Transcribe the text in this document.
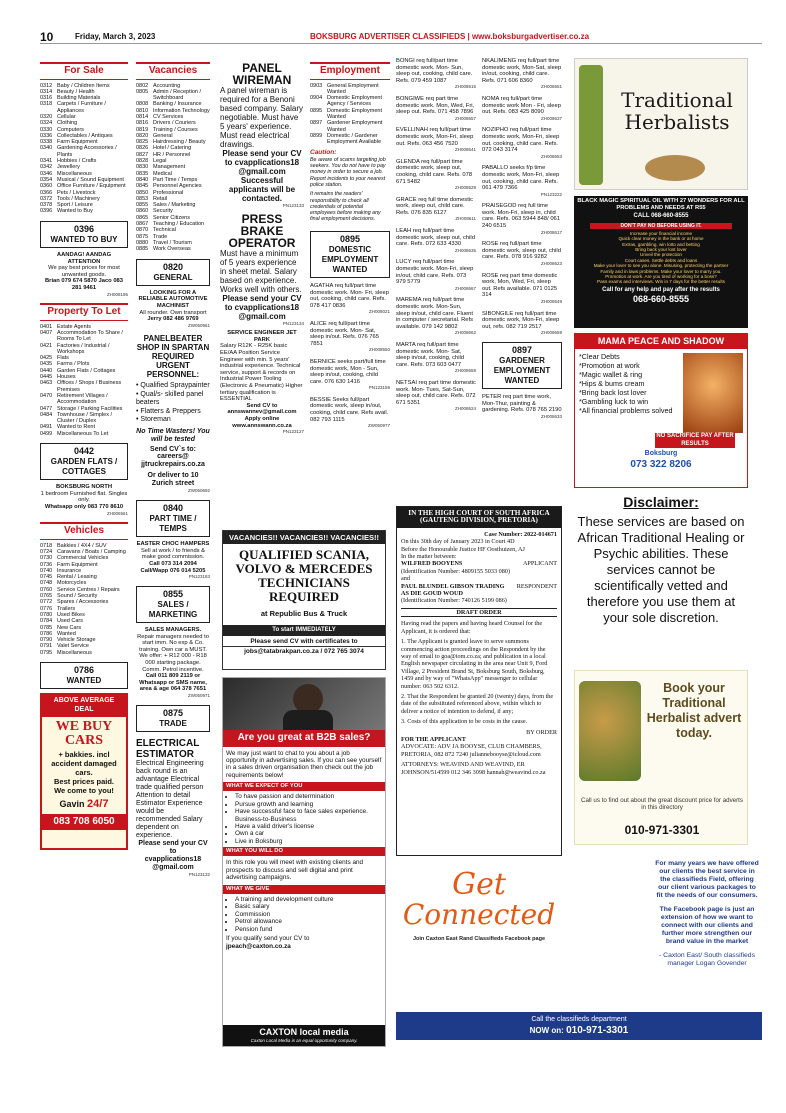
10	Friday, March 3, 2023	BOKSBURG ADVERTISER CLASSIFIEDS | www.boksburgadvertiser.co.za
For Sale
0312 Baby / Children Items
0314 Beauty / Health
0316 Building Materials
0318 Carpets / Furniture / Appliances
0320 Cellular
0324 Clothing
0330 Computers
0336 Collectables / Antiques
0338 Farm Equipment
0340 Gardening Accessories / Plants
0341 Hobbies / Crafts
0342 Jewellery
0346 Miscellaneous
0354 Musical / Sound Equipment
0360 Office Furniture / Equipment
0366 Pets / Livestock
0372 Tools / Machinery
0378 Sport / Leisure
0396 Wanted to Buy
0396
WANTED TO BUY
AANDAG! AANDAG ATTENTION
We pay best prices for most unwanted goods.
Brian 079 674 5870 Jaco 083 281 9461
ZH008186
Property To Let
0401 Estate Agents
0407 Accommodation To Share / Rooms To Let
0421 Factories / Industrial / Workshops
0425 Flats
0435 Farms / Plots
0440 Garden Flats / Cottages
0445 Houses
0463 Offices / Shops / Business Premises
0470 Retirement Villages / Accommodation
0477 Storage / Parking Facilities
0484 Townhouse / Simplex / Cluster / Duplex
0491 Wanted to Rent
0499 Miscellaneous To Let
0442
GARDEN FLATS / COTTAGES
BOKSBURG NORTH
1 bedroom Furnished flat. Singles only.
Whatsapp only 083 770 8610
ZH006561
Vehicles
0718 Bakkies / 4X4 / SUV
0724 Caravans / Boats / Camping
0730 Commercial Vehicles
0736 Farm Equipment
0740 Insurance
0745 Rental / Leasing
0748 Motorcycles
0760 Service Centres / Repairs
0765 Sound / Security
0772 Spares / Accessories
0776 Trailers
0780 Used Bikes
0784 Used Cars
0785 New Cars
0786 Wanted
0790 Vehicle Storage
0791 Valet Service
0795 Miscellaneous
0786
WANTED
ABOVE AVERAGE DEAL
WE BUY CARS
+ bakkies. incl
accident damaged cars.
Best prices paid.
We come to you!
Gavin 24/7
083 708 6050
Vacancies
0802 Accounting
0805 Admin / Reception / Switchboard
0808 Banking / Insurance
0810 Information Technology
0814 CV Services
0816 Drivers / Couriers
0819 Training / Courses
0820 General
0825 Hairdressing / Beauty
0826 Hotel / Catering
0827 HR / Personnel
0828 Legal
0830 Management
0835 Medical
0840 Part Time / Temps
0845 Personnel Agencies
0850 Professional
0853 Retail
0855 Sales / Marketing
0860 Security
0865 Senior Citizens
0867 Teaching / Education
0870 Technical
0875 Trade
0880 Travel / Tourism
0885 Work Overseas
0820
GENERAL
LOOKING FOR A RELIABLE AUTOMOTIVE MACHINIST
All rounder. Own transport
Jerry 082 486 9769
ZW050961
PANELBEATER SHOP IN SPARTAN REQUIRED URGENT PERSONNEL:
• Qualified Spraypainter
• Qual/s- skilled panel beaters
• Flatters & Preppers
• Storeman
No Time Wasters! You will be tested
Send CV`s to:
careers@ jjtruckrepairs.co.za
Or deliver to 10 Zurich street
ZW050692
0840
PART TIME / TEMPS
EASTER CHOC HAMPERS
Sell at work / to friends & make good commission.
Call 073 314 2094
Call/Wapp 076 014 5205
PN123183
0855
SALES / MARKETING
SALES MANAGERS.
Repair managers needed to start imm. No exp & Co. training. Own car a MUST.
We offer: + R12 000 - R18 000 starting package. Comm. Petrol incentive.
Call 011 809 2119 or Whatsapp or SMS name, area & age 064 378 7651
ZW050971
0875
TRADE
ELECTRICAL ESTIMATOR
Electrical Engineering back round is an advantage Electrical trade qualified person Attention to detail Estimator Experience would be recommended Salary dependent on experience.
Please send your CV to
cvapplications18 @gmail.com
PN123132
PANEL WIREMAN
A panel wireman is required for a Benoni based company. Salary negotiable. Must have 5 years' experience. Must read electrical drawings.
Please send your CV to cvapplications18 @gmail.com
Successful applicants will be contacted.
PN123133
PRESS BRAKE OPERATOR
Must have a minimum of 5 years experience in sheet metal. Salary based on experience. Works well with others.
Please send your CV to cvapplications18 @gmail.com
PN123134
SERVICE ENGINEER JET PARK
Salary R12K - R25K basic EE/AA Position Service Engineer with min. 5 years' industrial experience. Technical service, support & records on Industrial Power Tooling (Electronic & Pneumatic) Higher tertiary qualification is ESSENTIAL
Send CV to
annswannev@gmail.com
Apply online www.annswann.co.za
PN123127
Employment
0903 General Employment Wanted
0904 Domestic Employment Agency / Services
0895 Domestic Employment Wanted
0897 Gardener Employment Wanted
0899 Domestic / Gardener Employment Available
Caution:
Be aware of scams targeting job seekers. You do not have to pay money in order to secure a job. Report incidents to your nearest police station.
It remains the readers' responsibility to check all credentials of potential employees before making any final employment decisions.
0895
DOMESTIC EMPLOYMENT WANTED
AGATHA req full/part time domestic work. Mon- Fri, sleep out, cooking, child care. Refs. 078 417 0836
ZH008021
ALICE req full/part time domestic work. Mon- Sat, sleep in/out. Refs. 076 765 7851
ZH008550
BERNICE seeks part/full time domestic work, Mon - Sun, sleep in/out, cooking, child care. 076 630 1416
PN123159
BESSIE Seeks full/part domestic work, sleep in/out, cooking, child care. Refs avail. 082 793 1115
ZW050977
BONGI req full/part time domestic work. Mon- Sun, sleep out, cooking, child care. Refs. 079 459 1087
ZH008615
BONGIWE req part time domestic work. Mon, Wed, Fri, sleep out. Refs. 071 458 7896
ZH008657
EVELLINAH req full/part time domestic work, Mon-Fri, sleep out. Refs. 063 456 7520
ZH008641
GLENDA req full/part time domestic work, sleep out, cooking, child care. Refs. 078 671 5482
ZH008629
GRACE req full time domestic work, sleep out, child care. Refs. 076 835 6127
ZH008611
LEAH req full/part time domestic work, sleep out, child care. Refs. 072 633 4330
ZH008635
LUCY req full/part time domestic work. Mon-Fri, sleep in/out, child care. Refs. 073 979 5779
ZH008667
MAREMA req full/part time domestic work. Mon-Sun, sleep in/out, child care. Fluent in computer / secretarial. Refs available. 079 142 9802
ZH008662
MARTA req full/part time domestic work. Mon- Sat, sleep in/out, cooking, child care. Refs. 073 603 0477
ZH008659
NETSAI req part time domestic work. Mon- Tues, Sat-Sun, sleep out, child care. Refs. 072 671 5351
ZH008624
NKALIMENG req full/part time domestic work, Mon-Sat, sleep in/out, cooking, child care. Refs. 071 606 8360
ZH008651
NOMA req full/part time domestic work Mon - Fri, sleep out. Refs. 083 425 8090
ZH008637
NOZIPHO req full/part time domestic work, Mon-Fri, sleep out, cooking, child care. Refs. 072 043 3174
ZH008653
PABALLO seeks f/p time domestic work, Mon-Fri, sleep out, cooking, child care. Refs. 061 479 7366
PN123222
PRAISEGOD req full time work. Mon-Fri, sleep in, child care. Refs. 063 5944 848/ 061 240 6515
ZH008617
ROSE req full/part time domestic work, sleep out, child care. Refs. 078 916 9282
ZH008623
ROSE req part time domestic work, Mon, Wed, Fri, sleep out. Refs available. 071 0125 314
ZH008649
SIBONGILE req full/part time domestic work, Mon-Fri, sleep out, refs. 082 719 2517
ZH008659
0897
GARDENER EMPLOYMENT WANTED
PETER req part time work, Mon-Thur, painting & gardening. Refs. 078 765 2190
ZH008633
VACANCIES!! VACANCIES!! VACANCIES!!
QUALIFIED SCANIA, VOLVO & MERCEDES TECHNICIANS REQUIRED
at Republic Bus & Truck
To start IMMEDIATELY
Please send CV with certificates to
jobs@tatabrakpan.co.za / 072 765 3074
Are you great at B2B sales?
We may just want to chat to you about a job opportunity in advertising sales. If you can see yourself in a sales driven organisation then check out the job requirements below!
WHAT WE EXPECT OF YOU
• To have passion and determination
• Pursue growth and learning
• Have successful face to face sales experience. Business-to-Business
• Have a valid driver's license
• Own a car
• Live in Boksburg
WHAT YOU WILL DO
In this role you will meet with existing clients and prospects to discuss and sell digital and print advertising campaigns.
WHAT WE GIVE
• A training and development culture
• Basic salary
• Commission
• Petrol allowance
• Pension fund
If you qualify send your CV to
jpeach@caxton.co.za
CAXTON local media
Caxton Local Media is an equal opportunity company.
IN THE HIGH COURT OF SOUTH AFRICA (GAUTENG DIVISION, PRETORIA)
Case Number: 2022-014671
On this 30th day of January 2023 in Court 4D
Before the Honourable Justice HF Oosthuizen, AJ
In the matter between:
WILFRED BOOYENS	APPLICANT
(Identification Number: 4809155 5033 080)
and
PAUL BLUNDEL GIBSON TRADING AS DIE GOUD WOUD
RESPONDENT
(Identification Number: 740126 5199 086)
DRAFT ORDER
Having read the papers and having heard Counsel for the Applicant, it is ordered that:
1. The Applicant is granted leave to serve summons commencing action proceedings on the Respondent by the way of email to goa@iom.co.za; and publication in a local English newspaper circulating in the area near Unit 9, Ford Village, 2 President Brand St, Boksburg South, Boksburg, 1459 and by way of "WhatsApp" messenger to cellular number: 063 502 6312.
2. That the Respondent be granted 20 (twenty) days, from the date of the substituted referenced above, within which to deliver a notice of intention to defend, if any;
3. Costs of this application to be costs in the cause.
BY ORDER
FOR THE APPLICANT
ADVOCATE: ADV JA BOOYSE, CLUB CHAMBERS, PRETORIA, 082 872 7240 juliannebooyse@icloud.com
ATTORNEYS: WEAVIND AND WEAVIND, ER JOHNSON/514599 012 346 3098 hannah@weavind.co.za
Get
Connected
Join Caxton East Rand Classifieds Facebook page
Traditional Herbalists
BLACK MAGIC SPIRITUAL OIL WITH 27 WONDERS FOR ALL PROBLEMS AND NEEDS AT R55
CALL 068-660-8555
DON'T PAY NO BEFORE USING IT.
Increase your financial income
Quick clear money in the bank or at home
Extras, gambling, win lotto and betting
Bring back your lost lover
Unveil the protection
Court cases. Settle debts and loans
Make your lover to see you alone. Misusing, protecting the partner
Family and in laws problems. Make your lover to marry you.
Promotion at work. Are you tired of working for a boss?
Pass exams and interviews. Win in 7 days for the better results
Call for any help and pay after the results
068-660-8555
MAMA PEACE AND SHADOW
*Clear Debts
*Promotion at work
*Magic wallet & ring
*Hips & bums cream
*Bring back lost lover
*Gambling luck to win
*All financial problems solved
NO SACRIFICE PAY AFTER RESULTS
Boksburg
073 322 8206
Disclaimer:
These services are based on African Traditional Healing or Psychic abilities. These services cannot be scientifically vetted and therefore you use them at your sole discretion.
Book your Traditional Herbalist advert today.
Call us to find out about the great discount price for adverts in this directory
010-971-3301
For many years we have offered our clients the best service in the classifieds Field, offering our client various packages to fit the needs of our consumers.
The Facebook page is just an extension of how we want to connect with our clients and further more strengthen our brand value in the market
- Caxton East/ South classifieds manager Logan Govender
Call the classifieds department
NOW on: 010-971-3301
